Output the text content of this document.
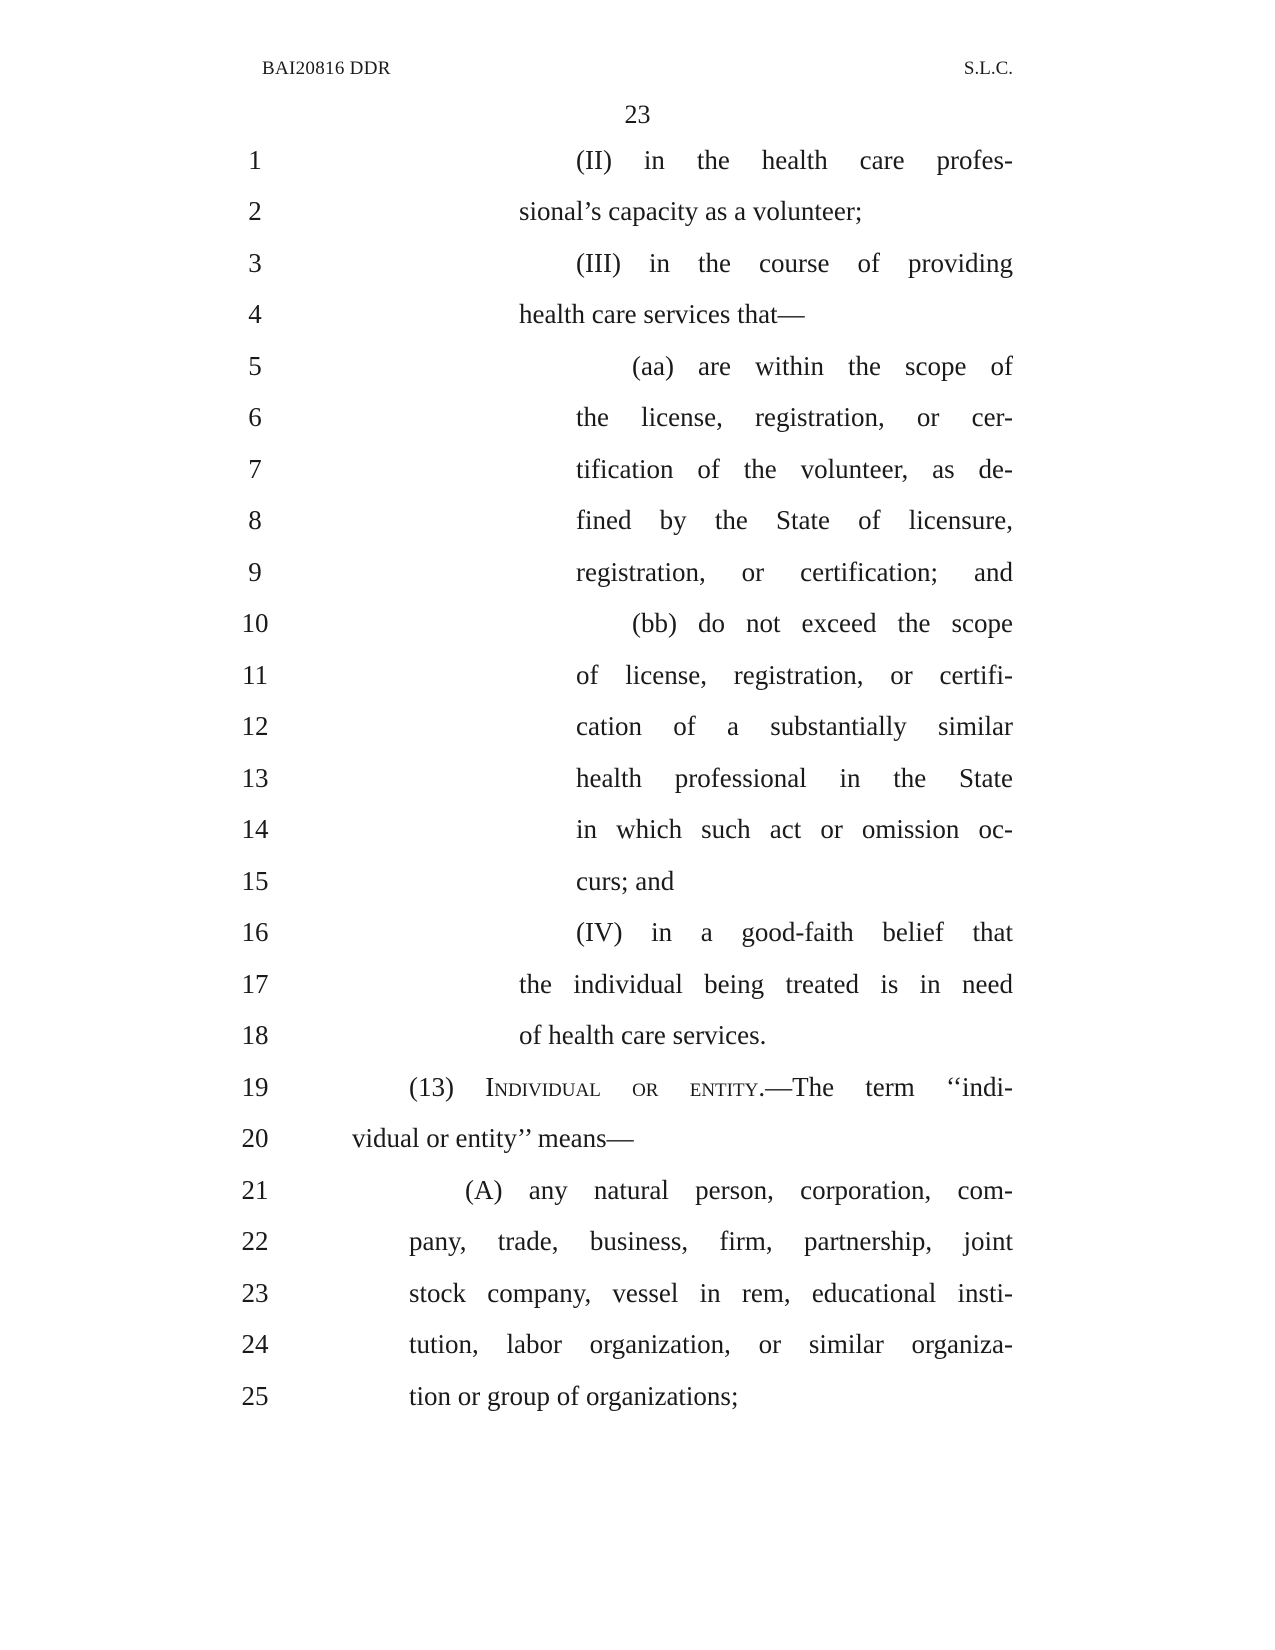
BAI20816 DDR	S.L.C.
23
1	(II) in the health care profes-
2	sional’s capacity as a volunteer;
3	(III) in the course of providing
4	health care services that—
5	(aa) are within the scope of
6	the license, registration, or cer-
7	tification of the volunteer, as de-
8	fined by the State of licensure,
9	registration, or certification; and
10	(bb) do not exceed the scope
11	of license, registration, or certifi-
12	cation of a substantially similar
13	health professional in the State
14	in which such act or omission oc-
15	curs; and
16	(IV) in a good-faith belief that
17	the individual being treated is in need
18	of health care services.
19	(13) Individual or entity.—The term ‘‘indi-
20	vidual or entity’’ means—
21	(A) any natural person, corporation, com-
22	pany, trade, business, firm, partnership, joint
23	stock company, vessel in rem, educational insti-
24	tution, labor organization, or similar organiza-
25	tion or group of organizations;
